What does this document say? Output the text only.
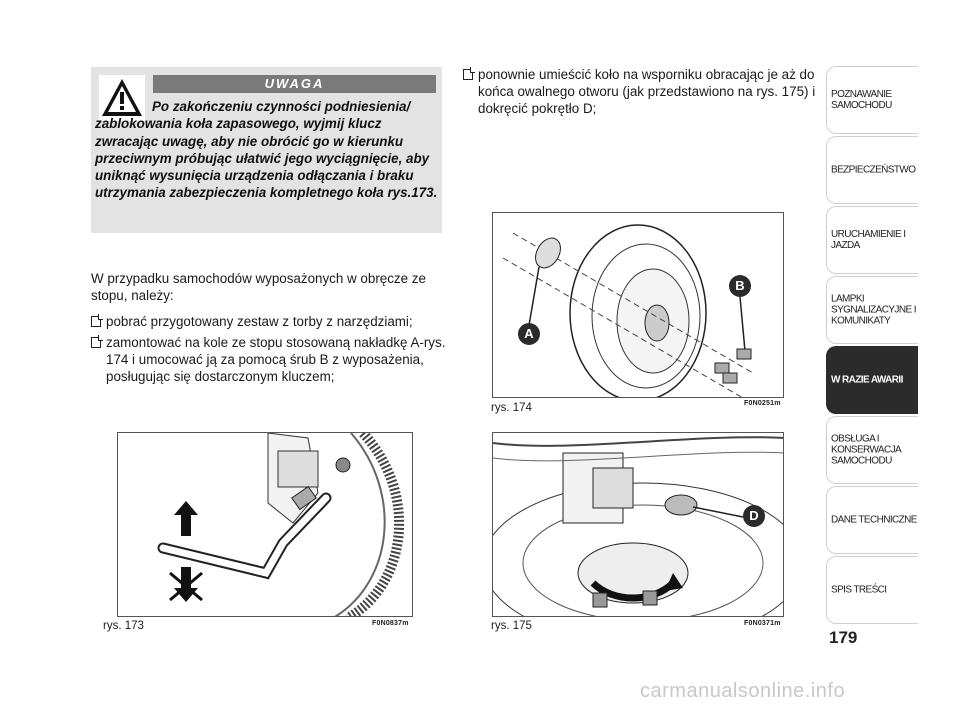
UWAGA
Po zakończeniu czynności podniesienia/ zablokowania koła zapasowego, wyjmij klucz zwracając uwagę, aby nie obrócić go w kierunku przeciwnym próbując ułatwić jego wyciągnięcie, aby uniknąć wysunięcia urządzenia odłączania i braku utrzymania zabezpieczenia kompletnego koła rys.173.
W przypadku samochodów wyposażonych w obręcze ze stopu, należy:
pobrać przygotowany zestaw z torby z narzędziami;
zamontować na kole ze stopu stosowaną nakładkę A-rys. 174 i umocować ją za pomocą śrub B z wyposażenia, posługując się dostarczonym kluczem;
ponownie umieścić koło na wsporniku obracając je aż do końca owalnego otworu (jak przedstawiono na rys. 175) i dokręcić pokrętło D;
rys. 173	F0N0837m
A
B
rys. 174	F0N0251m
D
rys. 175	F0N0371m
POZNAWANIE
SAMOCHODU
BEZPIECZEŃSTWO
URUCHAMIENIE I
JAZDA
LAMPKI
SYGNALIZACYJNE I
KOMUNIKATY
W RAZIE AWARII
OBSŁUGA I
KONSERWACJA
SAMOCHODU
DANE TECHNICZNE
SPIS TREŚCI
179
carmanualsonline.info
